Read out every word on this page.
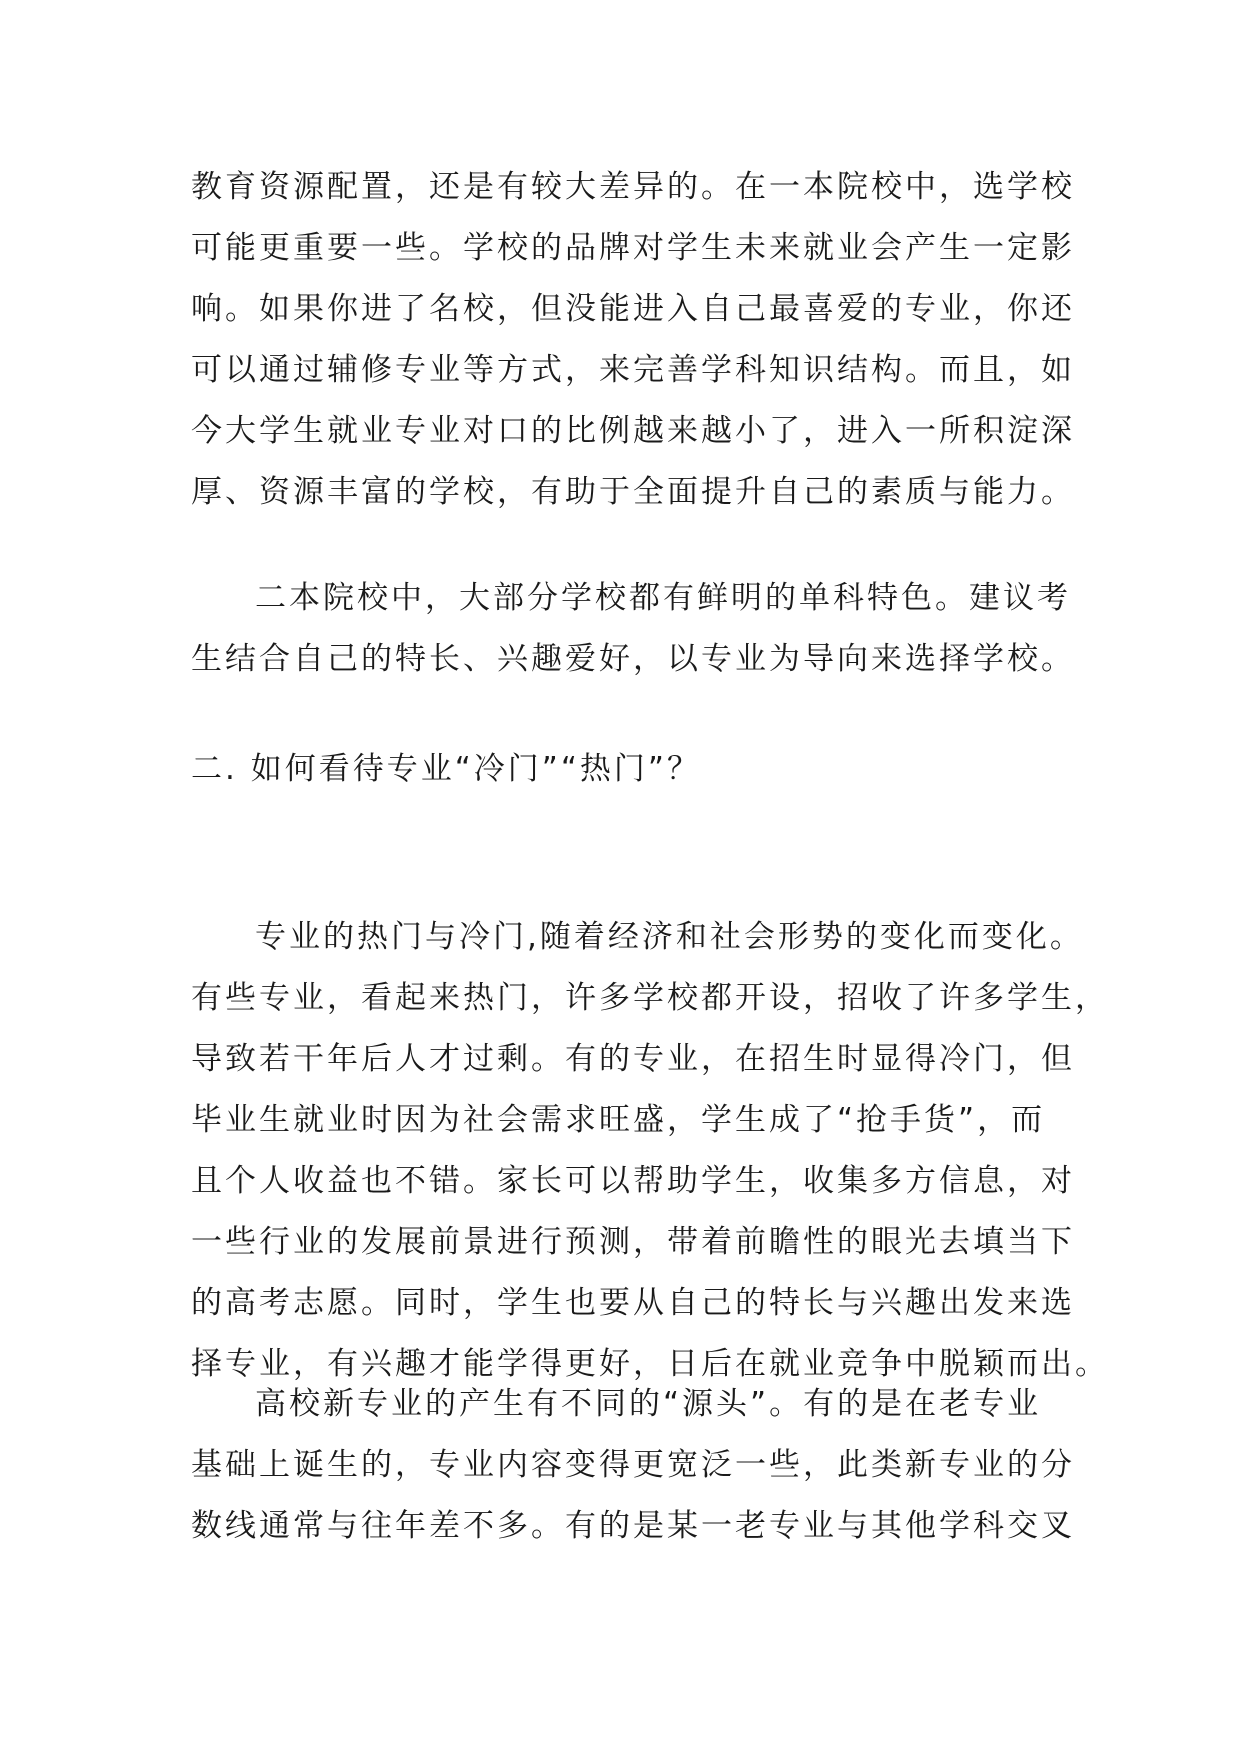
教育资源配置，还是有较大差异的。在一本院校中，选学校
可能更重要一些。学校的品牌对学生未来就业会产生一定影
响。如果你进了名校，但没能进入自己最喜爱的专业，你还
可以通过辅修专业等方式，来完善学科知识结构。而且，如
今大学生就业专业对口的比例越来越小了，进入一所积淀深
厚、资源丰富的学校，有助于全面提升自己的素质与能力。

二本院校中，大部分学校都有鲜明的单科特色。建议考
生结合自己的特长、兴趣爱好，以专业为导向来选择学校。

二. 如何看待专业“冷门”“热门”？

专业的热门与冷门,随着经济和社会形势的变化而变化。
有些专业，看起来热门，许多学校都开设，招收了许多学生，
导致若干年后人才过剩。有的专业，在招生时显得冷门，但
毕业生就业时因为社会需求旺盛，学生成了“抢手货”，而
且个人收益也不错。家长可以帮助学生，收集多方信息，对
一些行业的发展前景进行预测，带着前瞻性的眼光去填当下
的高考志愿。同时，学生也要从自己的特长与兴趣出发来选
择专业，有兴趣才能学得更好，日后在就业竞争中脱颖而出。

高校新专业的产生有不同的“源头”。有的是在老专业
基础上诞生的，专业内容变得更宽泛一些，此类新专业的分
数线通常与往年差不多。有的是某一老专业与其他学科交叉
